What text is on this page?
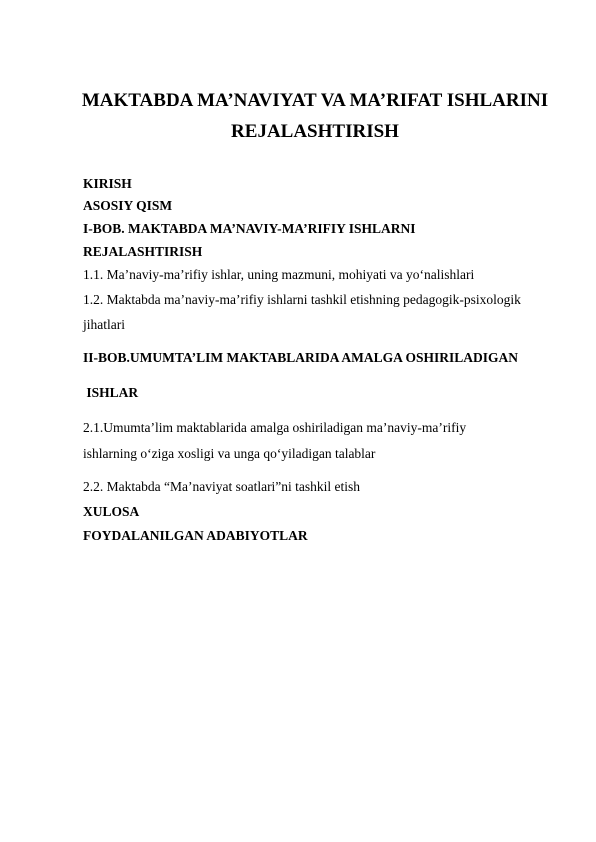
MAKTABDA MA’NAVIYAT VA MA’RIFAT ISHLARINI
REJALASHTIRISH
KIRISH
ASOSIY QISM
I-BOB. MAKTABDA MA’NAVIY-MA’RIFIY ISHLARNI
REJALASHTIRISH
1.1. Ma’naviy-ma’rifiy ishlar, uning mazmuni, mohiyati va yo‘nalishlari
1.2. Maktabda ma’naviy-ma’rifiy ishlarni tashkil etishning pedagogik-psixologik
jihatlari
II-BOB.UMUMTA’LIM MAKTABLARIDA AMALGA OSHIRILADIGAN
ISHLAR
2.1.Umumta’lim maktablarida amalga oshiriladigan ma’naviy-ma’rifiy
ishlarning o‘ziga xosligi va unga qo‘yiladigan talablar
2.2. Maktabda “Ma’naviyat soatlari”ni tashkil etish
XULOSA
FOYDALANILGAN ADABIYOTLAR
